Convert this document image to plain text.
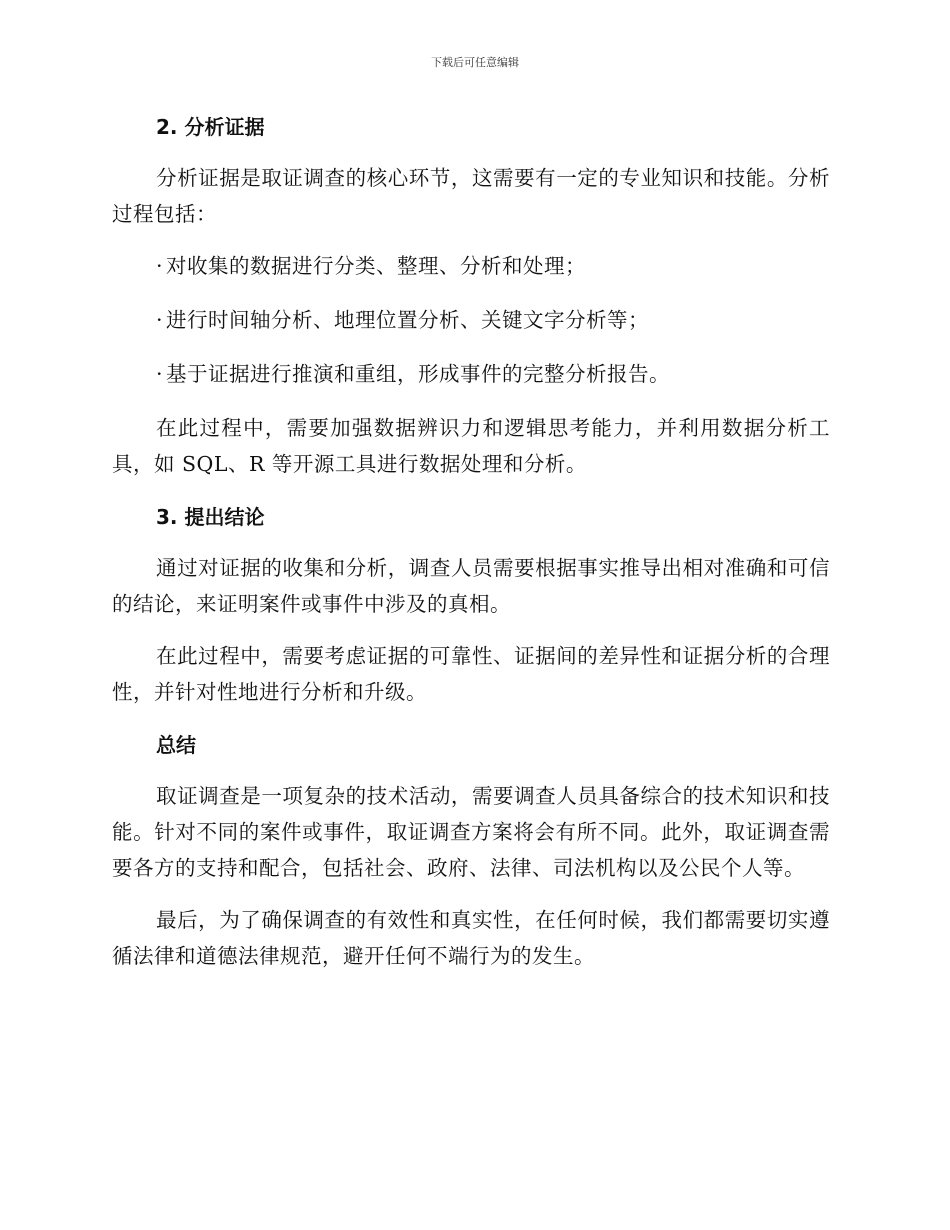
下载后可任意编辑
2. 分析证据

分析证据是取证调查的核心环节，这需要有一定的专业知识和技能。分析过程包括：

· 对收集的数据进行分类、整理、分析和处理；

· 进行时间轴分析、地理位置分析、关键文字分析等；

· 基于证据进行推演和重组，形成事件的完整分析报告。

在此过程中，需要加强数据辨识力和逻辑思考能力，并利用数据分析工具，如 SQL、R 等开源工具进行数据处理和分析。

3. 提出结论

通过对证据的收集和分析，调查人员需要根据事实推导出相对准确和可信的结论，来证明案件或事件中涉及的真相。

在此过程中，需要考虑证据的可靠性、证据间的差异性和证据分析的合理性，并针对性地进行分析和升级。

总结

取证调查是一项复杂的技术活动，需要调查人员具备综合的技术知识和技能。针对不同的案件或事件，取证调查方案将会有所不同。此外，取证调查需要各方的支持和配合，包括社会、政府、法律、司法机构以及公民个人等。

最后，为了确保调查的有效性和真实性，在任何时候，我们都需要切实遵循法律和道德法律规范，避开任何不端行为的发生。
